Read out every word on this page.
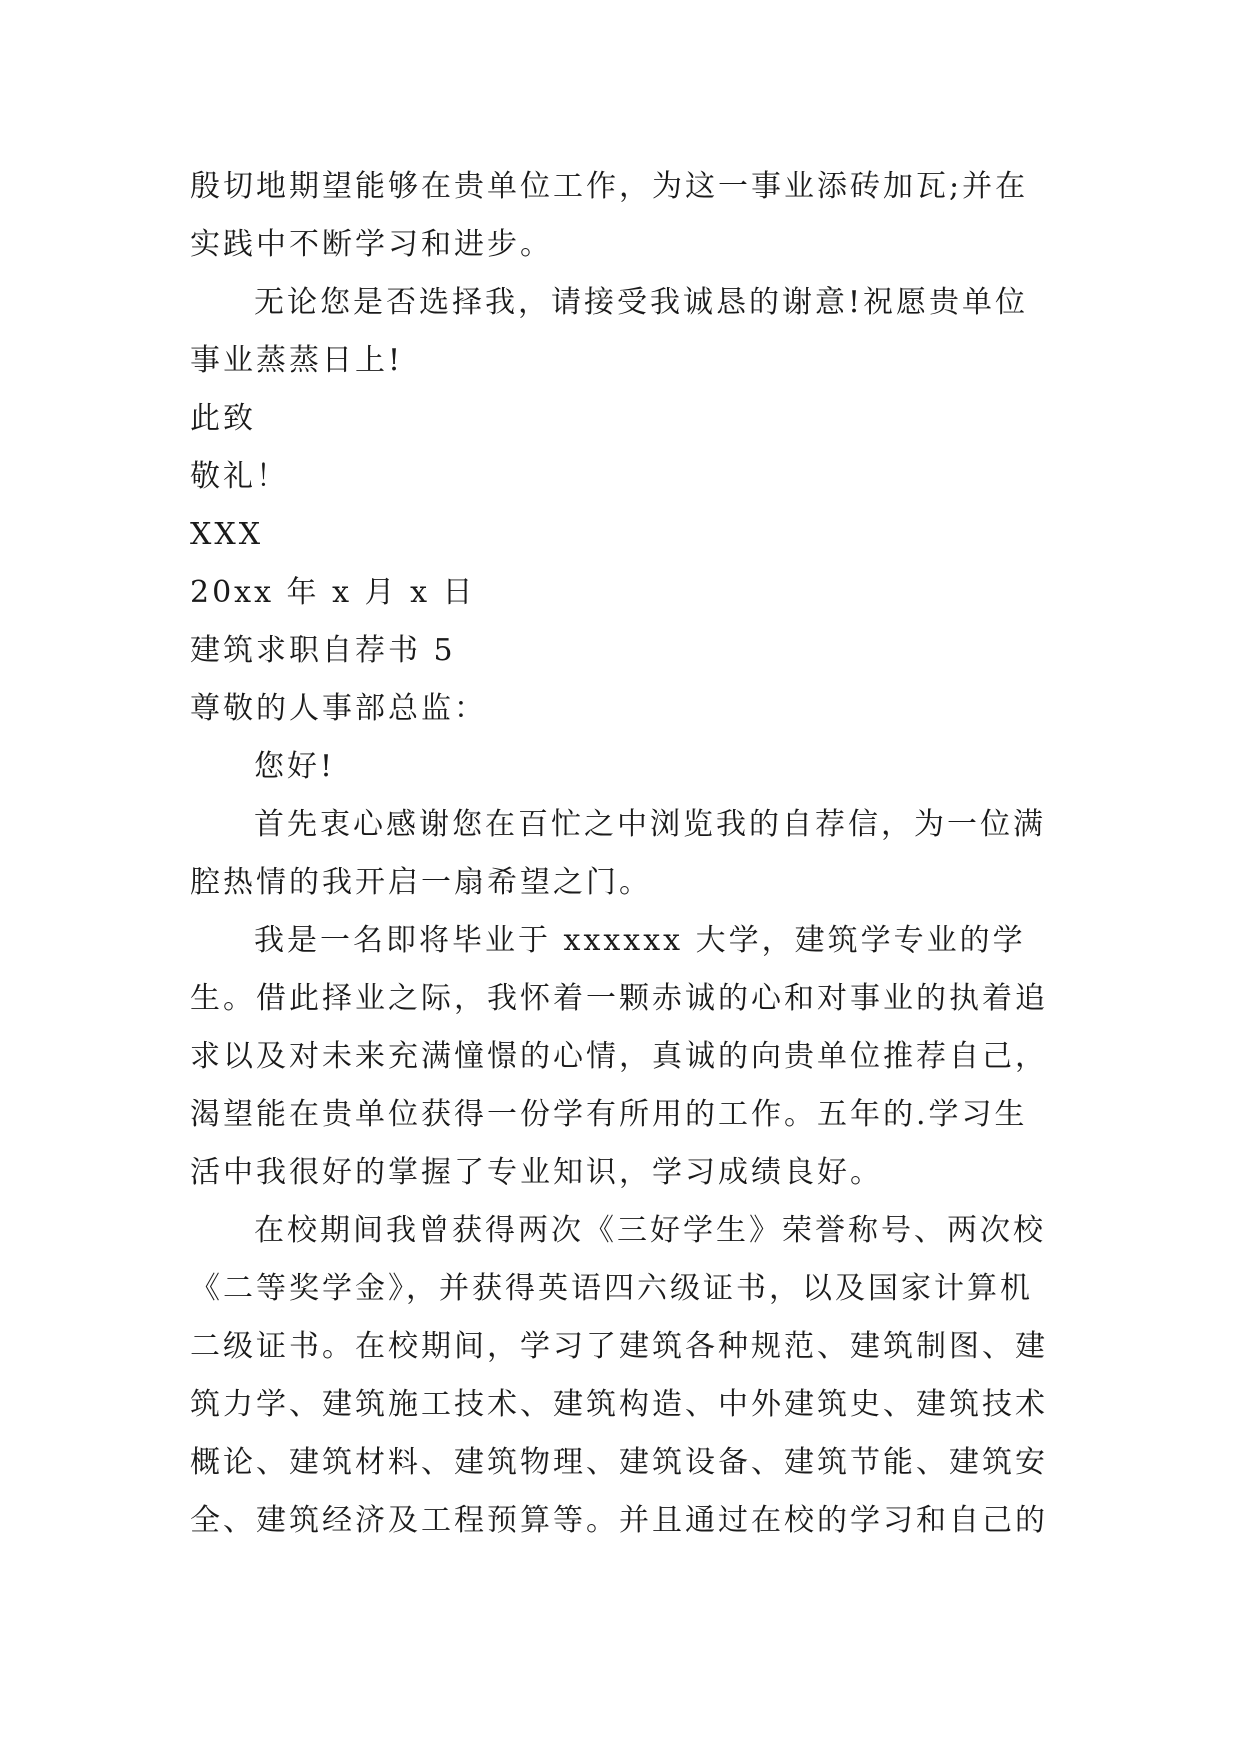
殷切地期望能够在贵单位工作，为这一事业添砖加瓦;并在实践中不断学习和进步。

无论您是否选择我，请接受我诚恳的谢意!祝愿贵单位事业蒸蒸日上!

此致

敬礼！

XXX

20xx 年 x 月 x 日

建筑求职自荐书 5

尊敬的人事部总监：

您好!

首先衷心感谢您在百忙之中浏览我的自荐信，为一位满腔热情的我开启一扇希望之门。

我是一名即将毕业于 xxxxxx 大学，建筑学专业的学生。借此择业之际，我怀着一颗赤诚的心和对事业的执着追求以及对未来充满憧憬的心情，真诚的向贵单位推荐自己，渴望能在贵单位获得一份学有所用的工作。五年的.学习生活中我很好的掌握了专业知识，学习成绩良好。

在校期间我曾获得两次《三好学生》荣誉称号、两次校《二等奖学金》，并获得英语四六级证书，以及国家计算机二级证书。在校期间，学习了建筑各种规范、建筑制图、建筑力学、建筑施工技术、建筑构造、中外建筑史、建筑技术概论、建筑材料、建筑物理、建筑设备、建筑节能、建筑安全、建筑经济及工程预算等。并且通过在校的学习和自己的
